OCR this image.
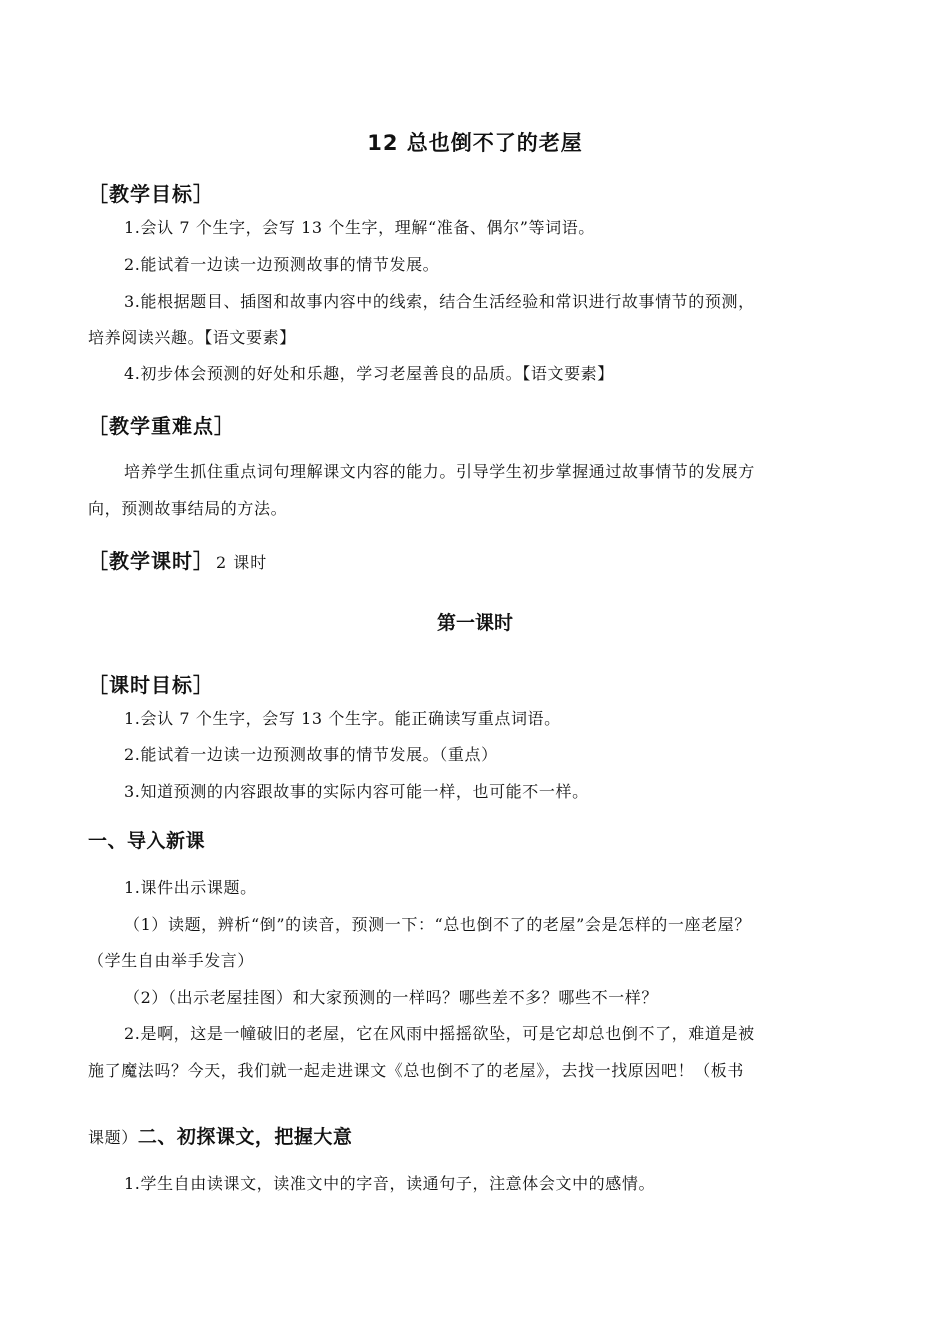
12 总也倒不了的老屋
［教学目标］
1.会认 7 个生字，会写 13 个生字，理解“准备、偶尔”等词语。
2.能试着一边读一边预测故事的情节发展。
3.能根据题目、插图和故事内容中的线索，结合生活经验和常识进行故事情节的预测，
培养阅读兴趣。【语文要素】
4.初步体会预测的好处和乐趣，学习老屋善良的品质。【语文要素】
［教学重难点］
培养学生抓住重点词句理解课文内容的能力。引导学生初步掌握通过故事情节的发展方
向，预测故事结局的方法。
［教学课时］ 2 课时
第一课时
［课时目标］
1.会认 7 个生字，会写 13 个生字。能正确读写重点词语。
2.能试着一边读一边预测故事的情节发展。（重点）
3.知道预测的内容跟故事的实际内容可能一样，也可能不一样。
一、导入新课
1.课件出示课题。
（1）读题，辨析“倒”的读音，预测一下：“总也倒不了的老屋”会是怎样的一座老屋？
（学生自由举手发言）
（2）（出示老屋挂图）和大家预测的一样吗？哪些差不多？哪些不一样？
2.是啊，这是一幢破旧的老屋，它在风雨中摇摇欲坠，可是它却总也倒不了，难道是被
施了魔法吗？今天，我们就一起走进课文《总也倒不了的老屋》，去找一找原因吧！（板书
课题）二、初探课文，把握大意
1.学生自由读课文，读准文中的字音，读通句子，注意体会文中的感情。
